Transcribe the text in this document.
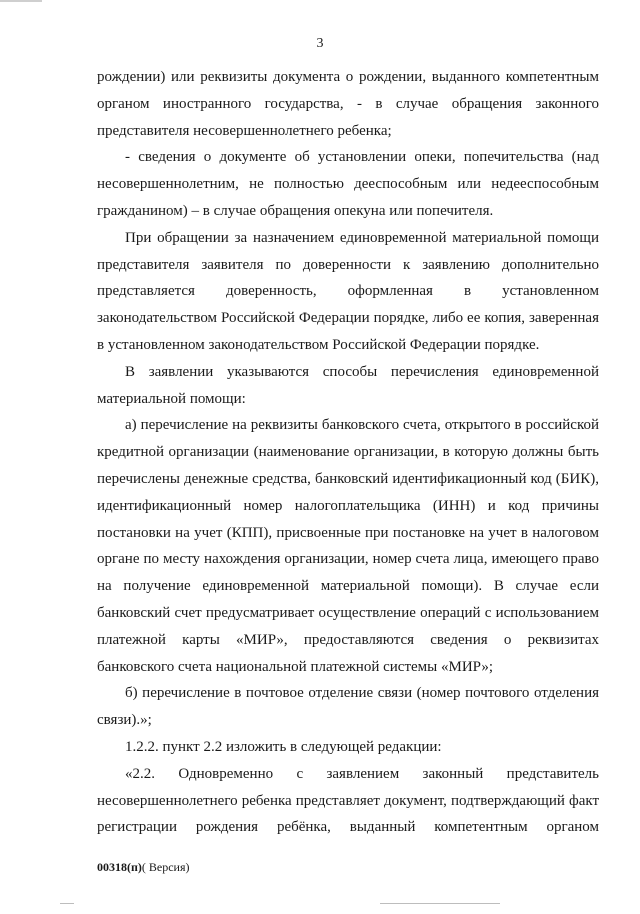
3
рождении) или реквизиты документа о рождении, выданного компетентным
органом иностранного государства, - в случае обращения законного
представителя несовершеннолетнего ребенка;
- сведения о документе об установлении опеки, попечительства (над
несовершеннолетним, не полностью дееспособным или недееспособным
гражданином) – в случае обращения опекуна или попечителя.
При обращении за назначением единовременной материальной помощи
представителя заявителя по доверенности к заявлению дополнительно
представляется доверенность, оформленная в установленном
законодательством Российской Федерации порядке, либо ее копия, заверенная
в установленном законодательством Российской Федерации порядке.
В заявлении указываются способы перечисления единовременной
материальной помощи:
а) перечисление на реквизиты банковского счета, открытого в российской
кредитной организации (наименование организации, в которую должны быть
перечислены денежные средства, банковский идентификационный код (БИК),
идентификационный номер налогоплательщика (ИНН) и код причины
постановки на учет (КПП), присвоенные при постановке на учет в налоговом
органе по месту нахождения организации, номер счета лица, имеющего право
на получение единовременной материальной помощи). В случае если
банковский счет предусматривает осуществление операций с использованием
платежной карты «МИР», предоставляются сведения о реквизитах
банковского счета национальной платежной системы «МИР»;
б) перечисление в почтовое отделение связи (номер почтового отделения
связи).»;
1.2.2. пункт 2.2 изложить в следующей редакции:
«2.2. Одновременно с заявлением законный представитель
несовершеннолетнего ребенка представляет документ, подтверждающий факт
регистрации рождения ребёнка, выданный компетентным органом
00318(п)( Версия)
